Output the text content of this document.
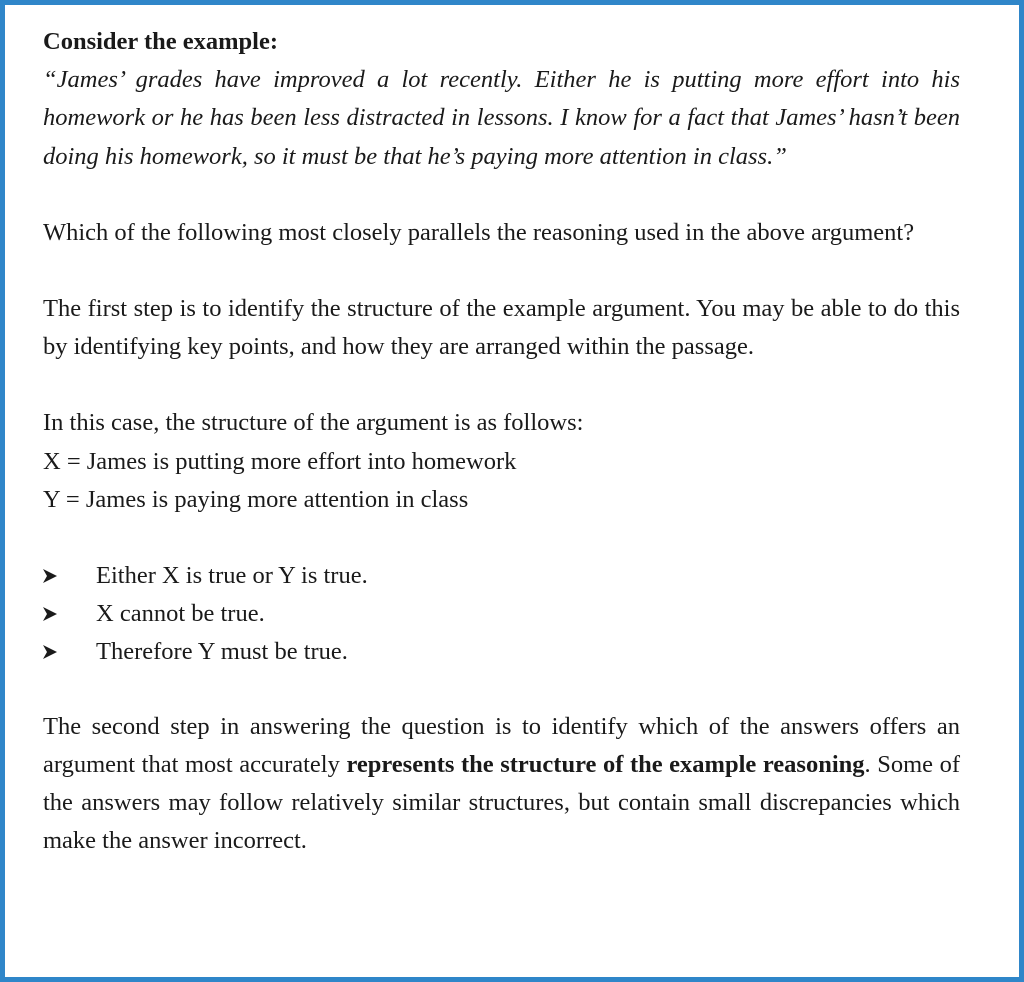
Consider the example:

“James’ grades have improved a lot recently. Either he is putting more effort into his homework or he has been less distracted in lessons. I know for a fact that James’ hasn’t been doing his homework, so it must be that he’s paying more attention in class.”

Which of the following most closely parallels the reasoning used in the above argument?

The first step is to identify the structure of the example argument. You may be able to do this by identifying key points, and how they are arranged within the passage.

In this case, the structure of the argument is as follows:

X = James is putting more effort into homework

Y = James is paying more attention in class

Either X is true or Y is true.
X cannot be true.
Therefore Y must be true.

The second step in answering the question is to identify which of the answers offers an argument that most accurately represents the structure of the example reasoning. Some of the answers may follow relatively similar structures, but contain small discrepancies which make the answer incorrect.
